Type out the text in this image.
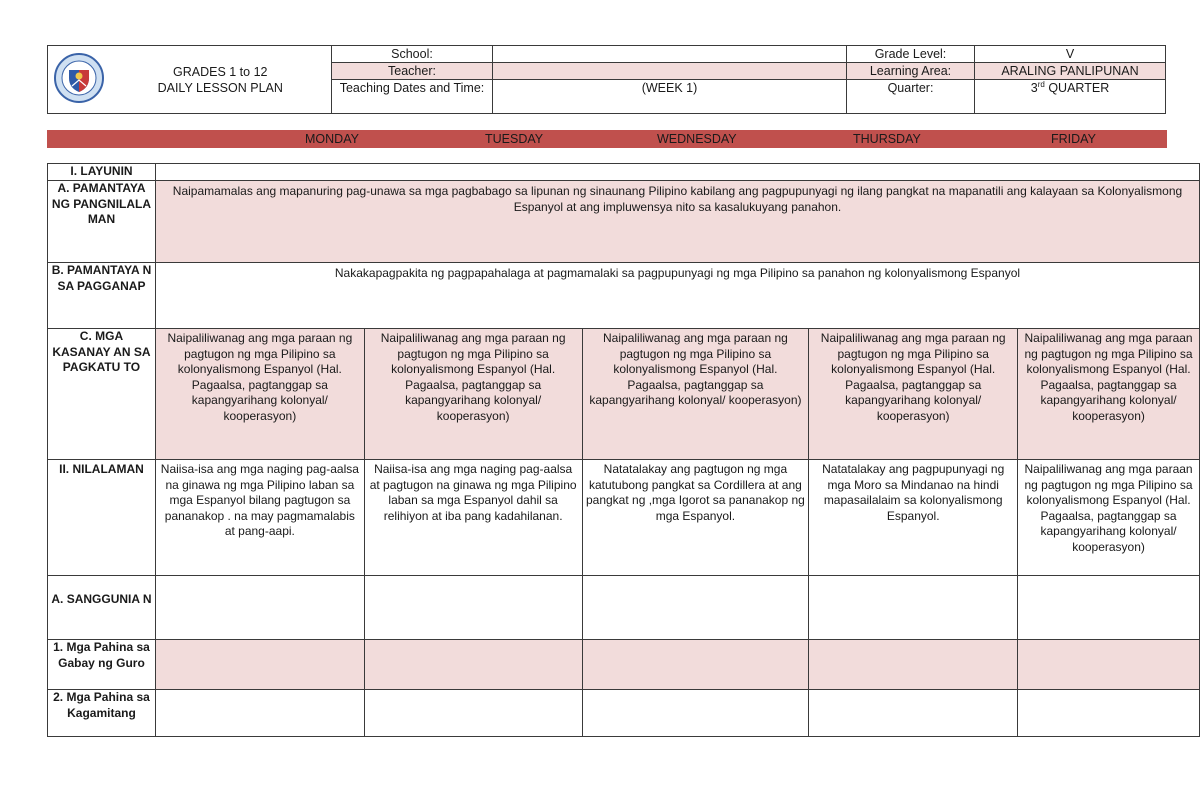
GRADES 1 to 12
DAILY LESSON PLAN	School:		Grade Level:	V
		Teacher:		Learning Area:	ARALING PANLIPUNAN
		Teaching Dates and Time:	(WEEK 1)	Quarter:	3rd QUARTER
MONDAY	TUESDAY	WEDNESDAY	THURSDAY	FRIDAY
I. LAYUNIN					
A. PAMANTAYA NG PANGNILALA MAN	Naipamamalas ang mapanuring pag-unawa sa mga pagbabago sa lipunan ng sinaunang Pilipino kabilang ang pagpupunyagi ng ilang pangkat na mapanatili ang kalayaan sa Kolonyalismong Espanyol at ang impluwensya nito sa kasalukuyang panahon.				
B. PAMANTAYA N SA PAGGANAP	Nakakapagpakita ng pagpapahalaga at pagmamalaki sa pagpupunyagi ng mga Pilipino sa panahon ng kolonyalismong Espanyol				
C. MGA KASANAY AN SA PAGKATU TO	Naipaliliwanag ang mga paraan ng pagtugon ng mga Pilipino sa kolonyalismong Espanyol (Hal. Pagaalsa, pagtanggap sa kapangyarihang kolonyal/ kooperasyon)	Naipaliliwanag ang mga paraan ng pagtugon ng mga Pilipino sa kolonyalismong Espanyol (Hal. Pagaalsa, pagtanggap sa kapangyarihang kolonyal/ kooperasyon)	Naipaliliwanag ang mga paraan ng pagtugon ng mga Pilipino sa kolonyalismong Espanyol (Hal. Pagaalsa, pagtanggap sa kapangyarihang kolonyal/ kooperasyon)	Naipaliliwanag ang mga paraan ng pagtugon ng mga Pilipino sa kolonyalismong Espanyol (Hal. Pagaalsa, pagtanggap sa kapangyarihang kolonyal/ kooperasyon)	Naipaliliwanag ang mga paraan ng pagtugon ng mga Pilipino sa kolonyalismong Espanyol (Hal. Pagaalsa, pagtanggap sa kapangyarihang kolonyal/ kooperasyon)
II. NILALAMAN	Naiisa-isa ang mga naging pag-aalsa na ginawa ng mga Pilipino laban sa mga Espanyol bilang pagtugon sa pananakop . na may pagmamalabis at pang-aapi.	Naiisa-isa ang mga naging pag-aalsa at pagtugon na ginawa ng mga Pilipino laban sa mga Espanyol dahil sa relihiyon at iba pang kadahilanan.	Natatalakay ang pagtugon ng mga katutubong pangkat sa Cordillera at ang pangkat ng ,mga Igorot sa pananakop ng mga Espanyol.	Natatalakay ang pagpupunyagi ng mga Moro sa Mindanao na hindi mapasailalaim sa kolonyalismong Espanyol.	Naipaliliwanag ang mga paraan ng pagtugon ng mga Pilipino sa kolonyalismong Espanyol (Hal. Pagaalsa, pagtanggap sa kapangyarihang kolonyal/ kooperasyon)
A. SANGGUNIA N					
1. Mga Pahina sa Gabay ng Guro					
2. Mga Pahina sa Kagamitang					
